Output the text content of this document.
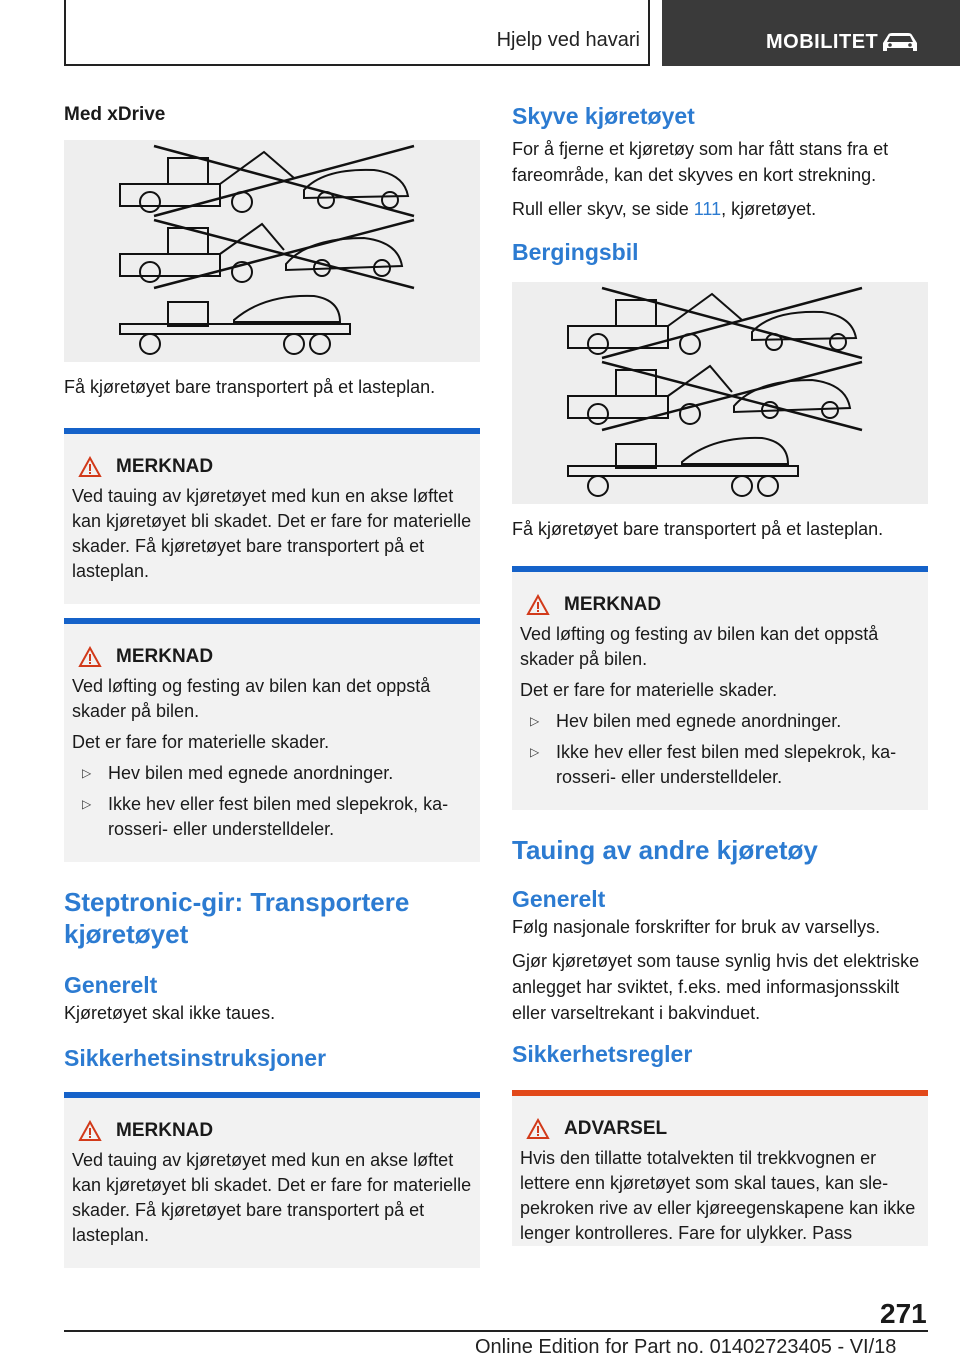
Hjelp ved havari	MOBILITET
Med xDrive

Få kjøretøyet bare transportert på et lasteplan.

MERKNAD

Ved tauing av kjøretøyet med kun en akse løftet kan kjøretøyet bli skadet. Det er fare for materielle skader. Få kjøretøyet bare transportert på et lasteplan.

MERKNAD

Ved løfting og festing av bilen kan det oppstå skader på bilen.

Det er fare for materielle skader.

▷ Hev bilen med egnede anordninger.
▷ Ikke hev eller fest bilen med slepekrok, karosseri- eller understelldeler.
Steptronic-gir: Transportere kjøretøyet
Generelt

Kjøretøyet skal ikke taues.

Sikkerhetsinstruksjoner
MERKNAD

Ved tauing av kjøretøyet med kun en akse løftet kan kjøretøyet bli skadet. Det er fare for materielle skader. Få kjøretøyet bare transportert på et lasteplan.

Skyve kjøretøyet

For å fjerne et kjøretøy som har fått stans fra et fareområde, kan det skyves en kort strekning.

Rull eller skyv, se side 111, kjøretøyet.

Bergingsbil

Få kjøretøyet bare transportert på et lasteplan.

MERKNAD

Ved løfting og festing av bilen kan det oppstå skader på bilen.

Det er fare for materielle skader.

▷ Hev bilen med egnede anordninger.
▷ Ikke hev eller fest bilen med slepekrok, karosseri- eller understelldeler.
Tauing av andre kjøretøy
Generelt

Følg nasjonale forskrifter for bruk av varsellys.

Gjør kjøretøyet som tause synlig hvis det elektriske anlegget har sviktet, f.eks. med informasjonsskilt eller varseltrekant i bakvinduet.

Sikkerhetsregler
ADVARSEL

Hvis den tillatte totalvekten til trekkvognen er lettere enn kjøretøyet som skal taues, kan slepekroken rive av eller kjøreegenskapene kan ikke lenger kontrolleres. Fare for ulykker. Pass

271
Online Edition for Part no. 01402723405 - VI/18
